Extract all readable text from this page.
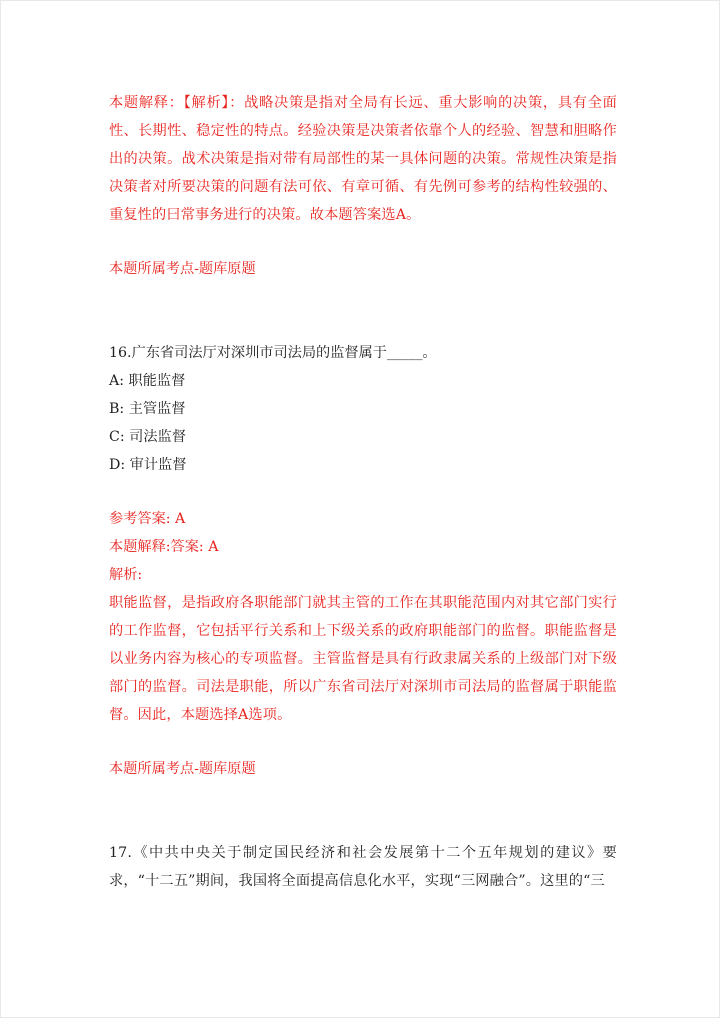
本题解释：【解析】：战略决策是指对全局有长远、重大影响的决策，具有全面性、长期性、稳定性的特点。经验决策是决策者依靠个人的经验、智慧和胆略作出的决策。战术决策是指对带有局部性的某一具体问题的决策。常规性决策是指决策者对所要决策的问题有法可依、有章可循、有先例可参考的结构性较强的、重复性的曰常事务进行的决策。故本题答案选A。

本题所属考点-题库原题

16.广东省司法厅对深圳市司法局的监督属于_____。

A: 职能监督

B: 主管监督

C: 司法监督

D: 审计监督

参考答案: A

本题解释:答案: A

解析:

职能监督，是指政府各职能部门就其主管的工作在其职能范围内对其它部门实行的工作监督，它包括平行关系和上下级关系的政府职能部门的监督。职能监督是以业务内容为核心的专项监督。主管监督是具有行政隶属关系的上级部门对下级部门的监督。司法是职能，所以广东省司法厅对深圳市司法局的监督属于职能监督。因此，本题选择A选项。

本题所属考点-题库原题

17.《中共中央关于制定国民经济和社会发展第十二个五年规划的建议》要求，“十二五”期间，我国将全面提高信息化水平，实现“三网融合”。这里的“三
